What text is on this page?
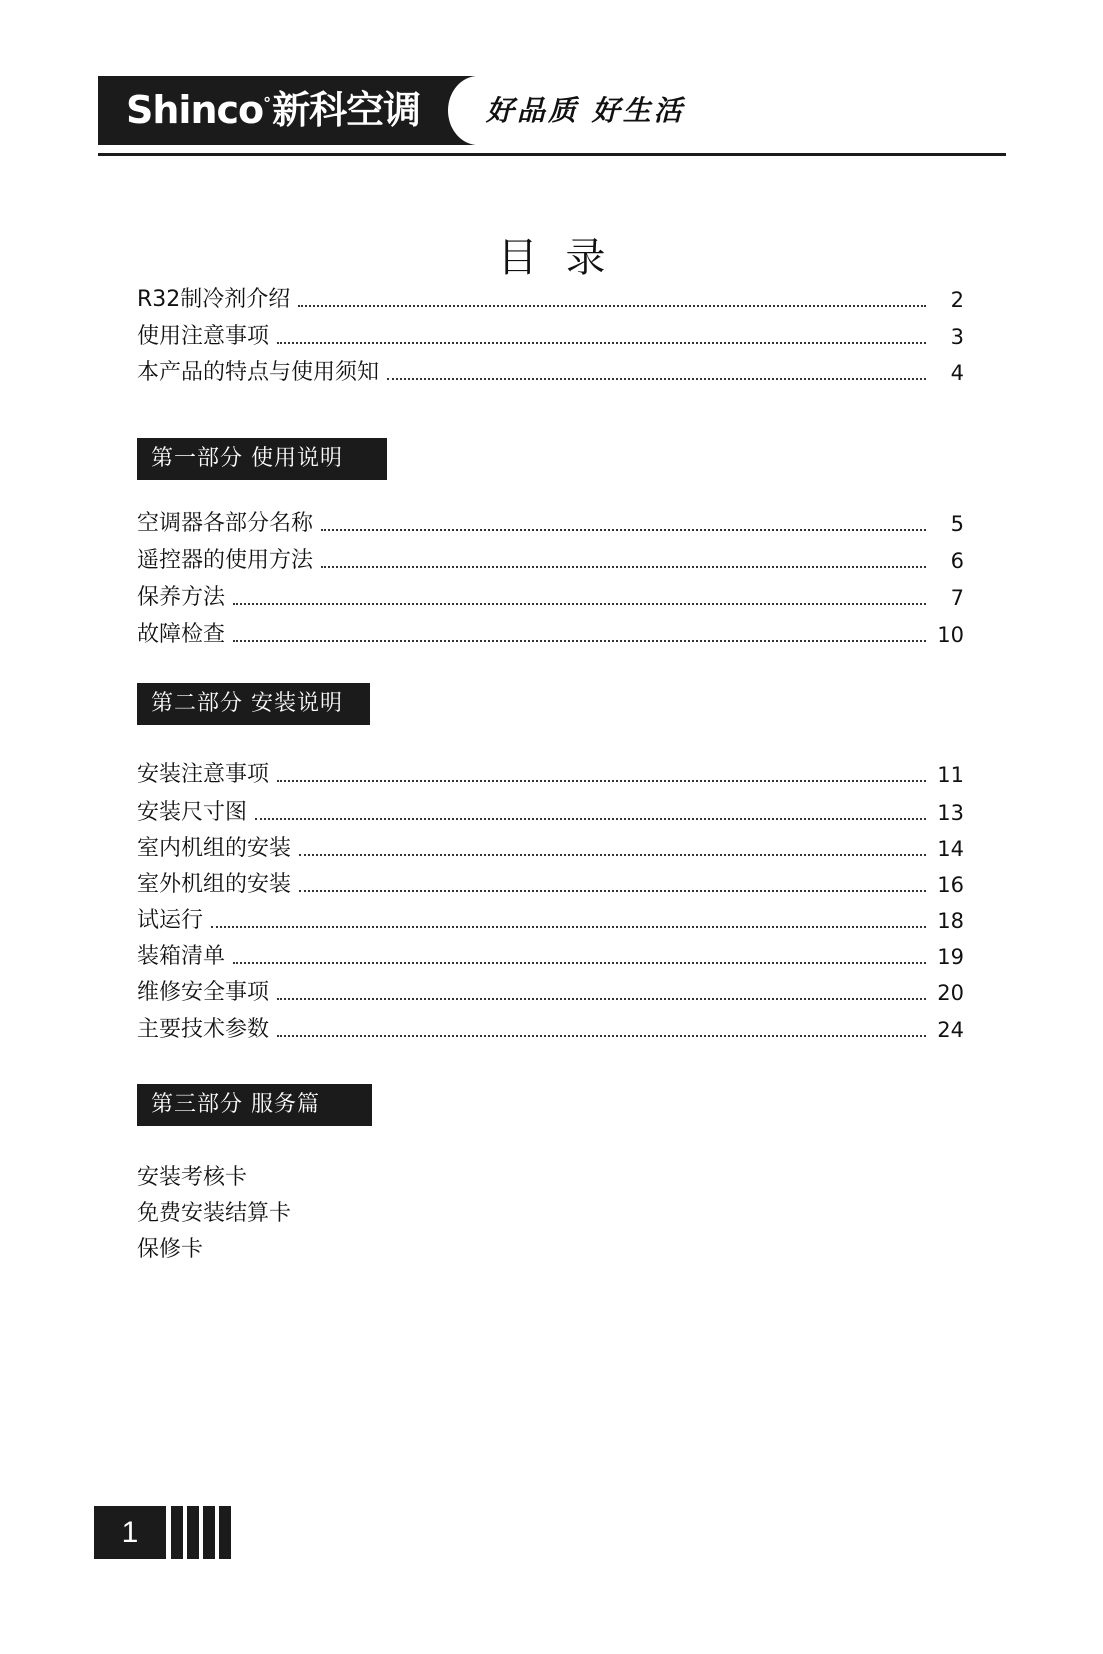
Shinco°新科空调 好品质 好生活
目录
R32制冷剂介绍	2
使用注意事项	3
本产品的特点与使用须知	4
第一部分 使用说明
空调器各部分名称	5
遥控器的使用方法	6
保养方法	7
故障检查	10
第二部分 安装说明
安装注意事项	11
安装尺寸图	13
室内机组的安装	14
室外机组的安装	16
试运行	18
装箱清单	19
维修安全事项	20
主要技术参数	24
第三部分 服务篇
安装考核卡
免费安装结算卡
保修卡
1
